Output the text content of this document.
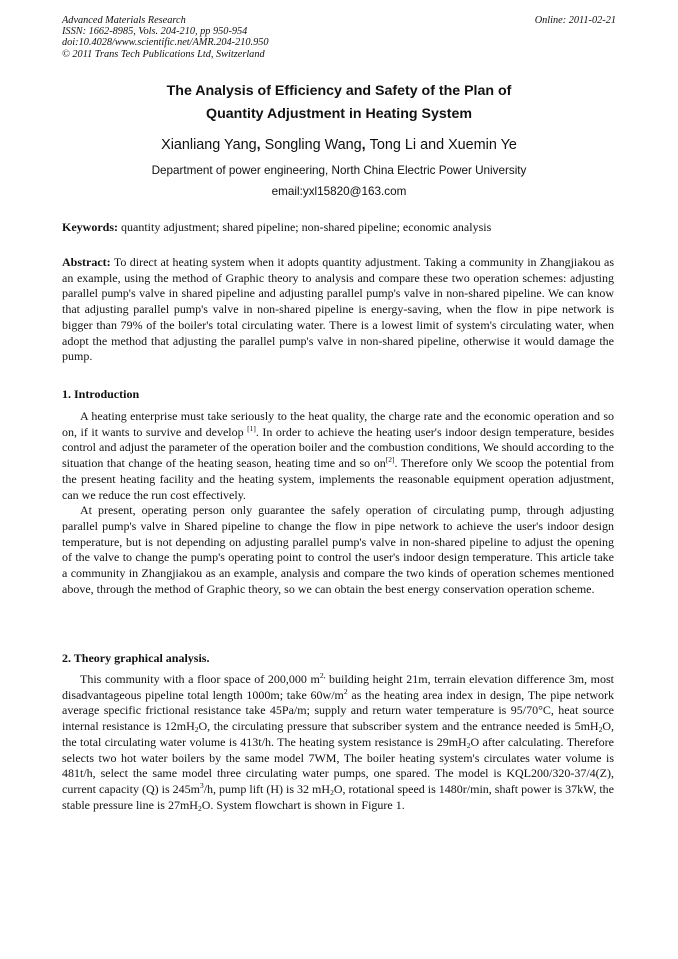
Advanced Materials Research
ISSN: 1662-8985, Vols. 204-210, pp 950-954
doi:10.4028/www.scientific.net/AMR.204-210.950
© 2011 Trans Tech Publications Ltd, Switzerland
Online: 2011-02-21
The Analysis of Efficiency and Safety of the Plan of
Quantity Adjustment in Heating System
Xianliang Yang, Songling Wang, Tong Li and Xuemin Ye
Department of power engineering, North China Electric Power University
email:yxl15820@163.com

Keywords: quantity adjustment; shared pipeline; non-shared pipeline; economic analysis

Abstract: To direct at heating system when it adopts quantity adjustment. Taking a community in Zhangjiakou as an example, using the method of Graphic theory to analysis and compare these two operation schemes: adjusting parallel pump's valve in shared pipeline and adjusting parallel pump's valve in non-shared pipeline. We can know that adjusting parallel pump's valve in non-shared pipeline is energy-saving, when the flow in pipe network is bigger than 79% of the boiler's total circulating water. There is a lowest limit of system's circulating water, when adopt the method that adjusting the parallel pump's valve in non-shared pipeline, otherwise it would damage the pump.

1. Introduction

A heating enterprise must take seriously to the heat quality, the charge rate and the economic operation and so on, if it wants to survive and develop [1]. In order to achieve the heating user's indoor design temperature, besides control and adjust the parameter of the operation boiler and the combustion conditions, We should according to the situation that change of the heating season, heating time and so on[2]. Therefore only We scoop the potential from the present heating facility and the heating system, implements the reasonable equipment operation adjustment, can we reduce the run cost effectively.

At present, operating person only guarantee the safely operation of circulating pump, through adjusting parallel pump's valve in Shared pipeline to change the flow in pipe network to achieve the user's indoor design temperature, but is not depending on adjusting parallel pump's valve in non-shared pipeline to adjust the opening of the valve to change the pump's operating point to control the user's indoor design temperature. This article take a community in Zhangjiakou as an example, analysis and compare the two kinds of operation schemes mentioned above, through the method of Graphic theory, so we can obtain the best energy conservation operation scheme.

2. Theory graphical analysis.

This community with a floor space of 200,000 $m^{2,}$ building height 21m, terrain elevation difference 3m, most disadvantageous pipeline total length 1000m; take $60w/m^2$ as the heating area index in design, The pipe network average specific frictional resistance take 45Pa/m; supply and return water temperature is 95/70°C, heat source internal resistance is $12mH_2O$, the circulating pressure that subscriber system and the entrance needed is $5mH_2O$, the total circulating water volume is 413t/h. The heating system resistance is $29mH_2O$ after calculating. Therefore selects two hot water boilers by the same model 7WM, The boiler heating system's circulates water volume is 481t/h, select the same model three circulating water pumps, one spared. The model is KQL200/320-37/4(Z), current capacity (Q) is $245m^3/h$, pump lift (H) is 32 $mH_2O$, rotational speed is 1480r/min, shaft power is 37kW, the stable pressure line is $27mH_2O$. System flowchart is shown in Figure 1.
